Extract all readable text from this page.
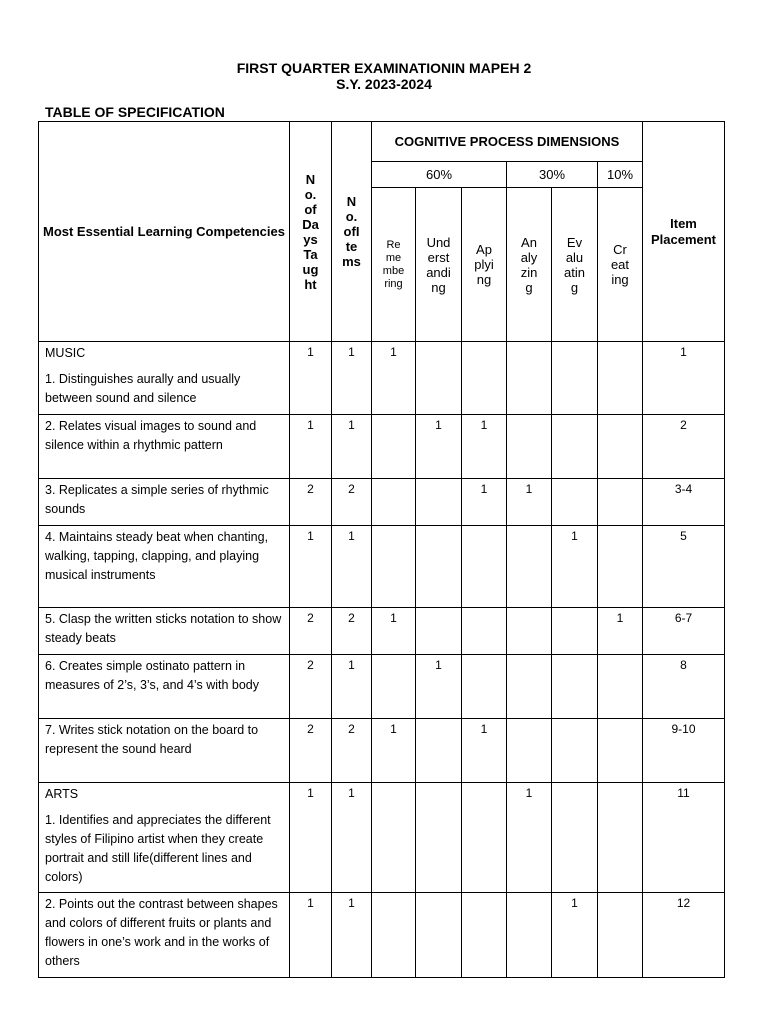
FIRST QUARTER EXAMINATIONIN MAPEH 2
S.Y. 2023-2024
TABLE OF SPECIFICATION
Most Essential Learning Competencies	No.ofDaysTaught	No.ofItems	COGNITIVE PROCESS DIMENSIONS						Item Placement
			60%			30%		10%	
			Remembering	Understanding	Applying	Analyzing	Evaluating	Creating	

MUSIC

1. Distinguishes aurally and usually between sound and silence	1	1	1						1

2. Relates visual images to sound and silence within a rhythmic pattern	1	1		1	1				2

3. Replicates a simple series of rhythmic sounds	2	2			1	1			3-4

4. Maintains steady beat when chanting, walking, tapping, clapping, and playing musical instruments	1	1					1		5

5. Clasp the written sticks notation to show steady beats	2	2	1					1	6-7

6. Creates simple ostinato pattern in measures of 2’s, 3’s, and 4’s with body	2	1		1					8

7. Writes stick notation on the board to represent the sound heard	2	2	1		1				9-10

ARTS

1. Identifies and appreciates the different styles of Filipino artist when they create portrait and still life(different lines and colors)	1	1				1			11

2. Points out the contrast between shapes and colors of different fruits or plants and flowers in one’s work and in the works of others	1	1					1		12
